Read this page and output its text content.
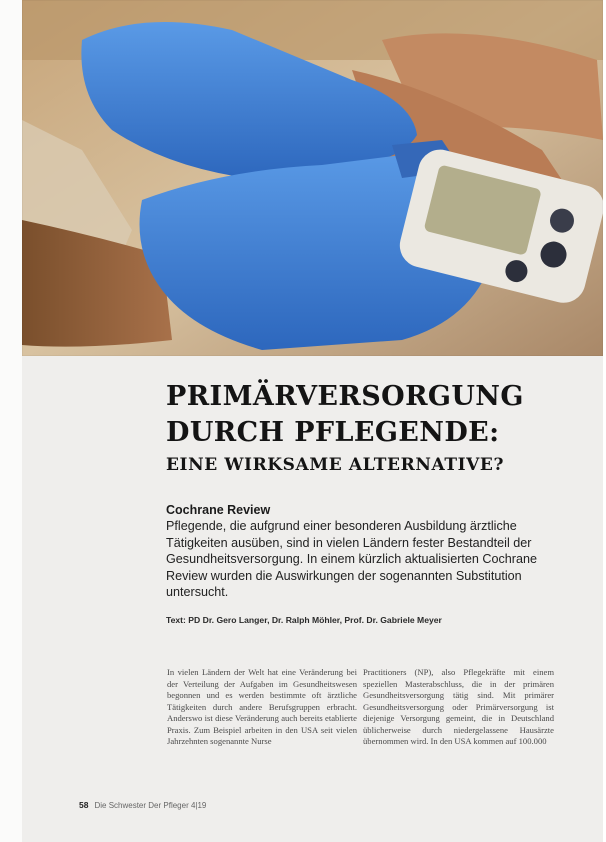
PRIMÄRVERSORGUNG
DURCH PFLEGENDE:
EINE WIRKSAME ALTERNATIVE?
Cochrane Review

Pflegende, die aufgrund einer besonderen Ausbildung ärztliche Tätigkeiten ausüben, sind in vielen Ländern fester Bestandteil der Gesundheitsversorgung. In einem kürzlich aktualisierten Cochrane Review wurden die Auswirkungen der sogenannten Substitution untersucht.

Text: PD Dr. Gero Langer, Dr. Ralph Möhler, Prof. Dr. Gabriele Meyer
In vielen Ländern der Welt hat eine Veränderung bei der Verteilung der Aufgaben im Gesundheitswesen begonnen und es werden bestimmte oft ärztliche Tätigkeiten durch andere Berufsgruppen erbracht. Anderswo ist diese Veränderung auch bereits etablierte Praxis. Zum Beispiel arbeiten in den USA seit vielen Jahrzehnten sogenannte Nurse

Practitioners (NP), also Pflegekräfte mit einem speziellen Masterabschluss, die in der primären Gesundheitsversorgung tätig sind. Mit primärer Gesundheitsversorgung oder Primärversorgung ist diejenige Versorgung gemeint, die in Deutschland üblicherweise durch niedergelassene Hausärzte übernommen wird. In den USA kommen auf 100.000

58 Die Schwester Der Pfleger 4|19
